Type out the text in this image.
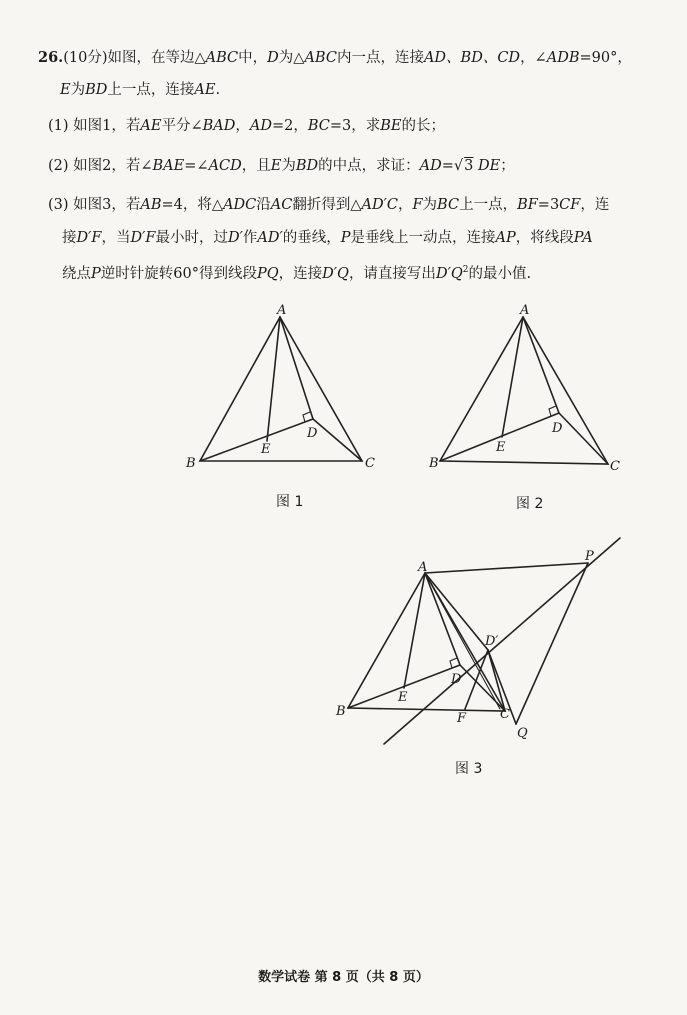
26.(10分)如图，在等边△ABC中，D为△ABC内一点，连接AD、BD、CD，∠ADB=90°，
E为BD上一点，连接AE.
(1) 如图1，若AE平分∠BAD，AD=2，BC=3，求BE的长；
(2) 如图2，若∠BAE=∠ACD，且E为BD的中点，求证：AD=√3 DE；
(3) 如图3，若AB=4，将△ADC沿AC翻折得到△AD′C，F为BC上一点，BF=3CF，连
接D′F，当D′F最小时，过D′作AD′的垂线，P是垂线上一动点，连接AP，将线段PA
绕点P逆时针旋转60°得到线段PQ，连接D′Q，请直接写出$D'Q^2$的最小值.
A
B	C
D
E
A
B	C
D
E
A
B	C
D
E
F
P
Q
D′
图 1	图 2
图 3
数学试卷 第 8 页（共 8 页）
